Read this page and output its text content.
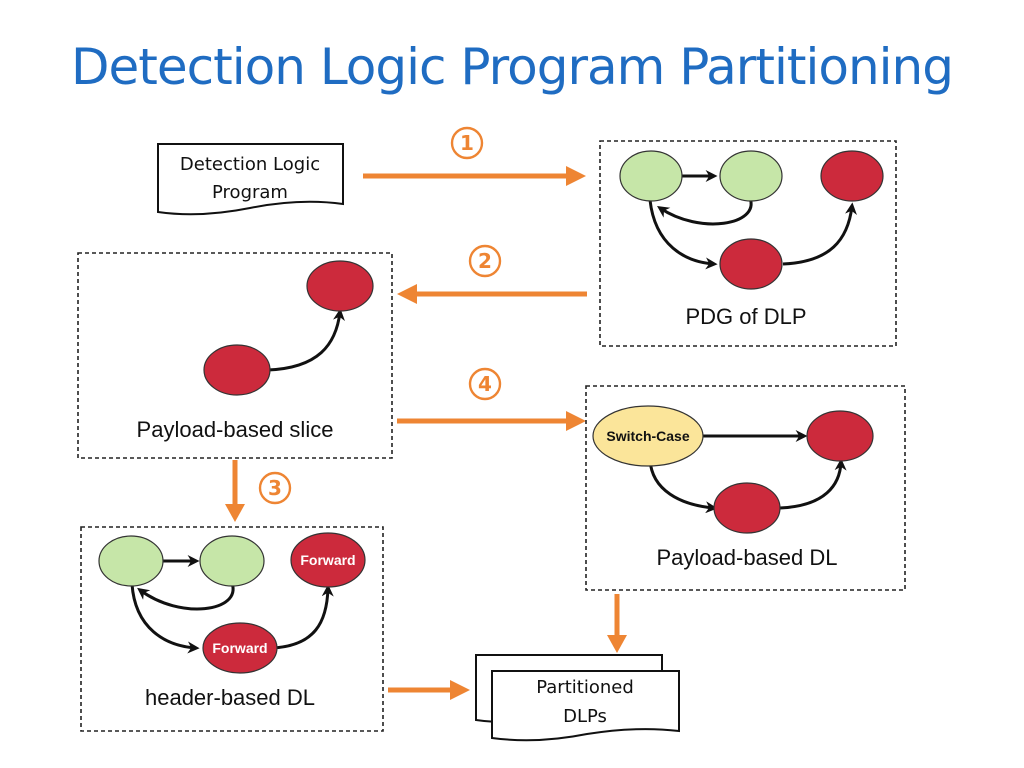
Detection Logic Program Partitioning
Detection Logic
Program
1
PDG of DLP
2
Payload-based slice
4
Switch-Case
Payload-based DL
3
Forward
Forward
header-based DL	Partitioned
DLPs
